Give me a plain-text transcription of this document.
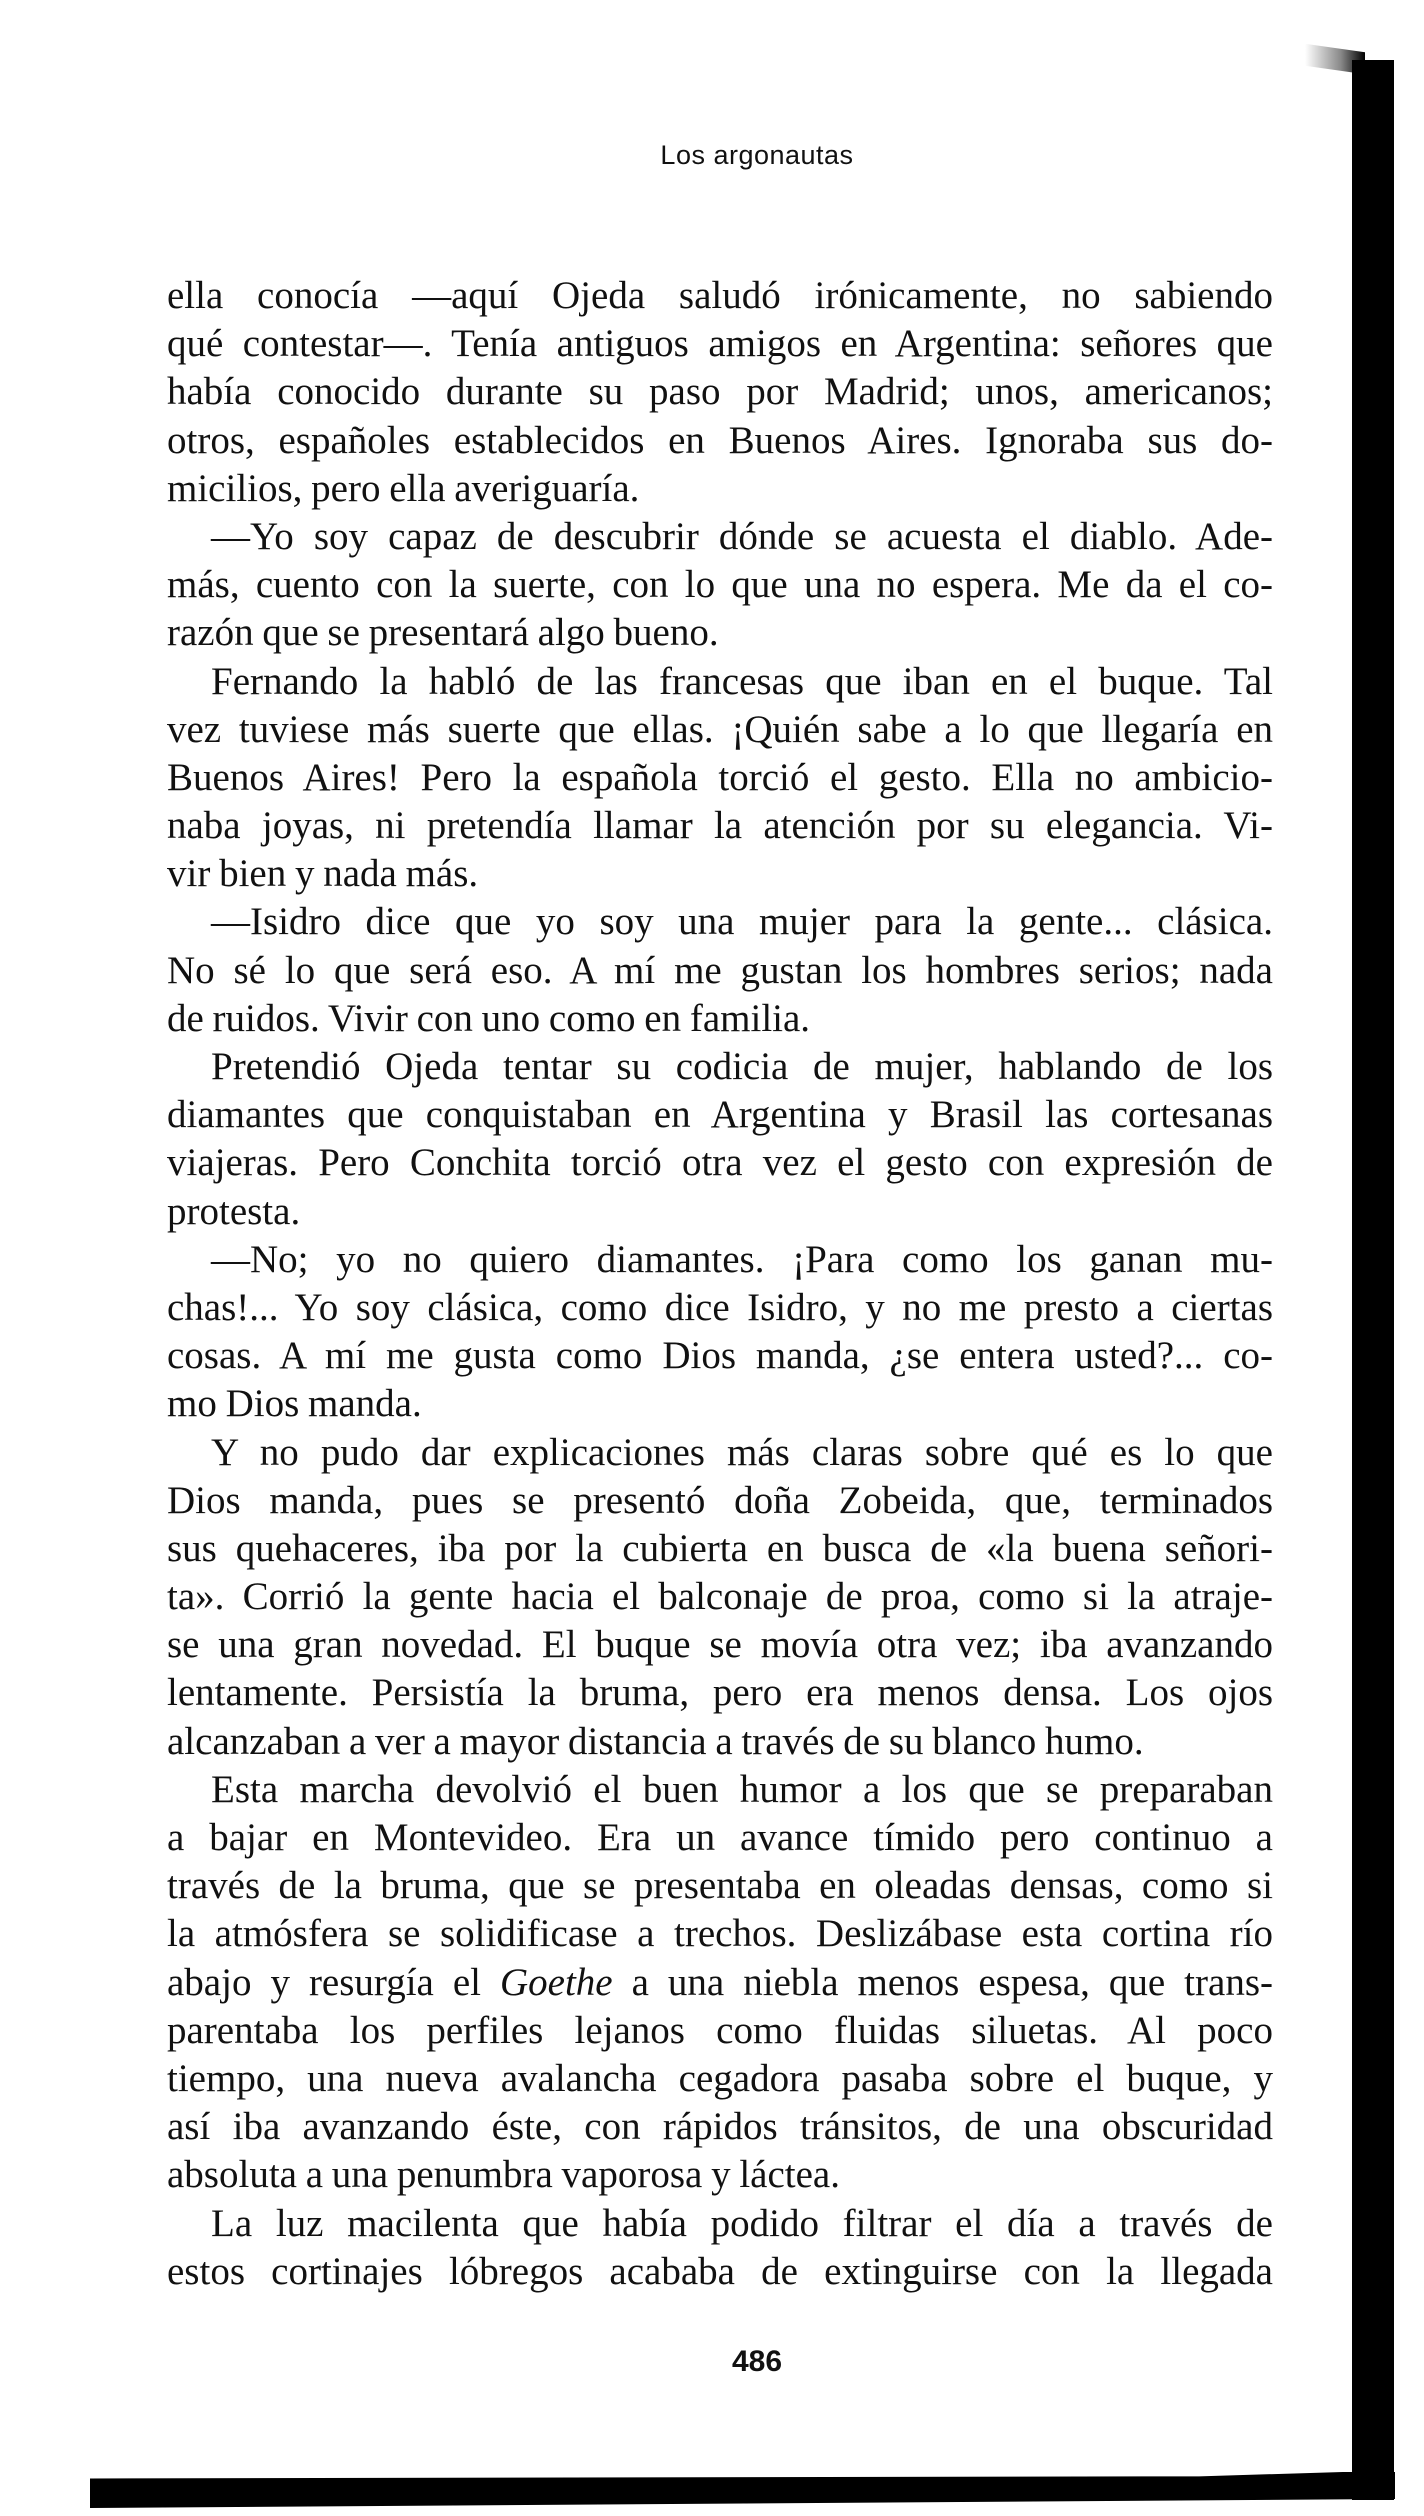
Los argonautas
ella conocía —aquí Ojeda saludó irónicamente, no sabiendo
qué contestar—. Tenía antiguos amigos en Argentina: señores que
había conocido durante su paso por Madrid; unos, americanos;
otros, españoles establecidos en Buenos Aires. Ignoraba sus do-
micilios, pero ella averiguaría.
—Yo soy capaz de descubrir dónde se acuesta el diablo. Ade-
más, cuento con la suerte, con lo que una no espera. Me da el co-
razón que se presentará algo bueno.
Fernando la habló de las francesas que iban en el buque. Tal
vez tuviese más suerte que ellas. ¡Quién sabe a lo que llegaría en
Buenos Aires! Pero la española torció el gesto. Ella no ambicio-
naba joyas, ni pretendía llamar la atención por su elegancia. Vi-
vir bien y nada más.
—Isidro dice que yo soy una mujer para la gente... clásica.
No sé lo que será eso. A mí me gustan los hombres serios; nada
de ruidos. Vivir con uno como en familia.
Pretendió Ojeda tentar su codicia de mujer, hablando de los
diamantes que conquistaban en Argentina y Brasil las cortesanas
viajeras. Pero Conchita torció otra vez el gesto con expresión de
protesta.
—No; yo no quiero diamantes. ¡Para como los ganan mu-
chas!... Yo soy clásica, como dice Isidro, y no me presto a ciertas
cosas. A mí me gusta como Dios manda, ¿se entera usted?... co-
mo Dios manda.
Y no pudo dar explicaciones más claras sobre qué es lo que
Dios manda, pues se presentó doña Zobeida, que, terminados
sus quehaceres, iba por la cubierta en busca de «la buena señori-
ta». Corrió la gente hacia el balconaje de proa, como si la atraje-
se una gran novedad. El buque se movía otra vez; iba avanzando
lentamente. Persistía la bruma, pero era menos densa. Los ojos
alcanzaban a ver a mayor distancia a través de su blanco humo.
Esta marcha devolvió el buen humor a los que se preparaban
a bajar en Montevideo. Era un avance tímido pero continuo a
través de la bruma, que se presentaba en oleadas densas, como si
la atmósfera se solidificase a trechos. Deslizábase esta cortina río
abajo y resurgía el Goethe a una niebla menos espesa, que trans-
parentaba los perfiles lejanos como fluidas siluetas. Al poco
tiempo, una nueva avalancha cegadora pasaba sobre el buque, y
así iba avanzando éste, con rápidos tránsitos, de una obscuridad
absoluta a una penumbra vaporosa y láctea.
La luz macilenta que había podido filtrar el día a través de
estos cortinajes lóbregos acababa de extinguirse con la llegada
486
